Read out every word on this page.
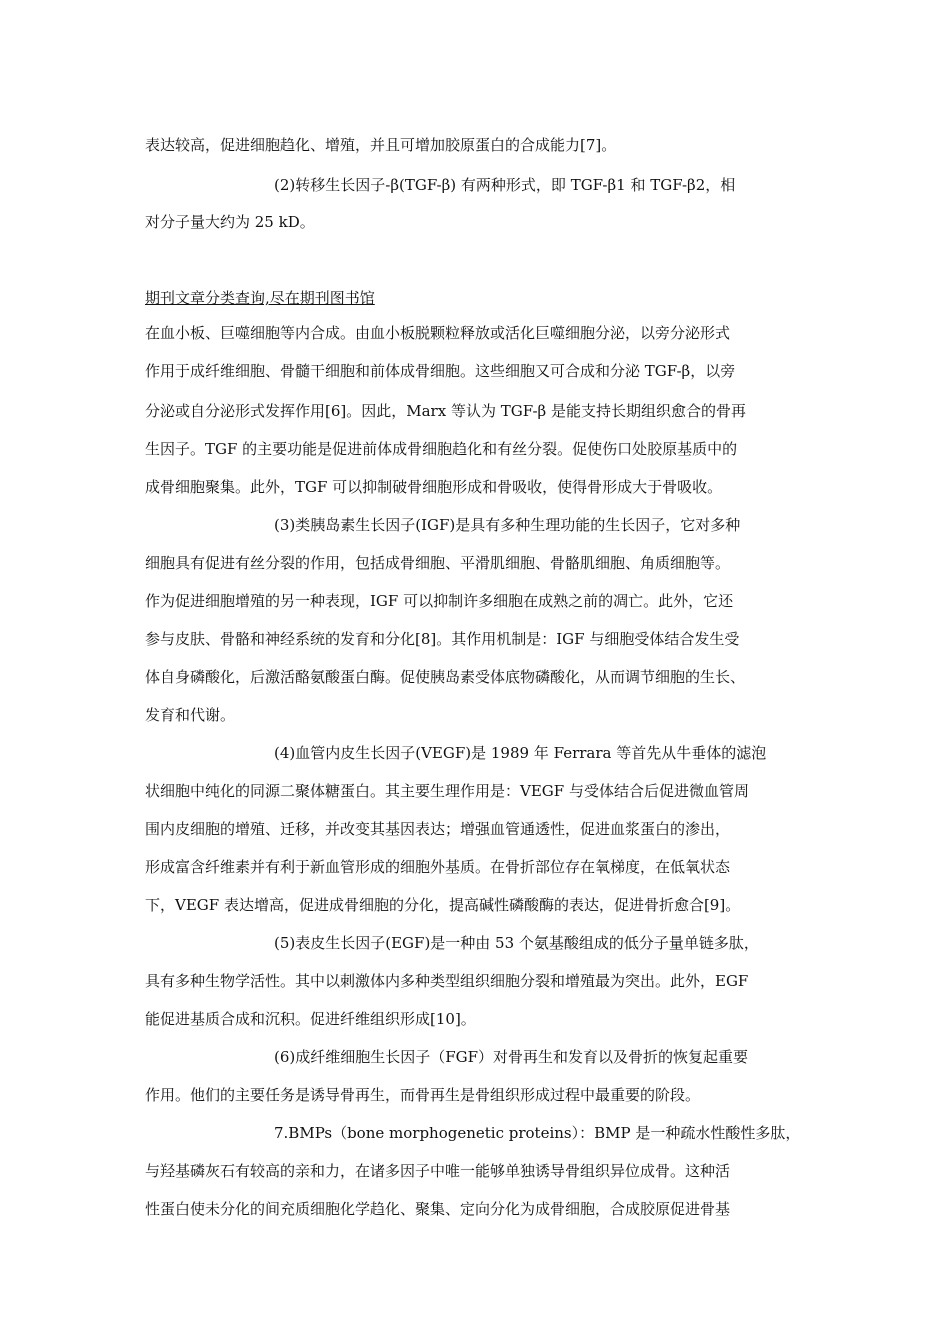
表达较高，促进细胞趋化、增殖，并且可增加胶原蛋白的合成能力[7]。
(2)转移生长因子-β(TGF-β) 有两种形式，即 TGF-β1 和 TGF-β2，相
对分子量大约为 25 kD。
期刊文章分类查询,尽在期刊图书馆
在血小板、巨噬细胞等内合成。由血小板脱颗粒释放或活化巨噬细胞分泌，以旁分泌形式
作用于成纤维细胞、骨髓干细胞和前体成骨细胞。这些细胞又可合成和分泌 TGF-β，以旁
分泌或自分泌形式发挥作用[6]。因此，Marx 等认为 TGF-β 是能支持长期组织愈合的骨再
生因子。TGF 的主要功能是促进前体成骨细胞趋化和有丝分裂。促使伤口处胶原基质中的
成骨细胞聚集。此外，TGF 可以抑制破骨细胞形成和骨吸收，使得骨形成大于骨吸收。
(3)类胰岛素生长因子(IGF)是具有多种生理功能的生长因子，它对多种
细胞具有促进有丝分裂的作用，包括成骨细胞、平滑肌细胞、骨骼肌细胞、角质细胞等。
作为促进细胞增殖的另一种表现，IGF 可以抑制许多细胞在成熟之前的凋亡。此外，它还
参与皮肤、骨骼和神经系统的发育和分化[8]。其作用机制是：IGF 与细胞受体结合发生受
体自身磷酸化，后激活酪氨酸蛋白酶。促使胰岛素受体底物磷酸化，从而调节细胞的生长、
发育和代谢。
(4)血管内皮生长因子(VEGF)是 1989 年 Ferrara 等首先从牛垂体的滤泡
状细胞中纯化的同源二聚体糖蛋白。其主要生理作用是：VEGF 与受体结合后促进微血管周
围内皮细胞的增殖、迁移，并改变其基因表达；增强血管通透性，促进血浆蛋白的渗出，
形成富含纤维素并有利于新血管形成的细胞外基质。在骨折部位存在氧梯度，在低氧状态
下，VEGF 表达增高，促进成骨细胞的分化，提高碱性磷酸酶的表达，促进骨折愈合[9]。
(5)表皮生长因子(EGF)是一种由 53 个氨基酸组成的低分子量单链多肽，
具有多种生物学活性。其中以刺激体内多种类型组织细胞分裂和增殖最为突出。此外，EGF
能促进基质合成和沉积。促进纤维组织形成[10]。
(6)成纤维细胞生长因子（FGF）对骨再生和发育以及骨折的恢复起重要
作用。他们的主要任务是诱导骨再生，而骨再生是骨组织形成过程中最重要的阶段。
7.BMPs（bone morphogenetic proteins）：BMP 是一种疏水性酸性多肽，
与羟基磷灰石有较高的亲和力，在诸多因子中唯一能够单独诱导骨组织异位成骨。这种活
性蛋白使未分化的间充质细胞化学趋化、聚集、定向分化为成骨细胞，合成胶原促进骨基
